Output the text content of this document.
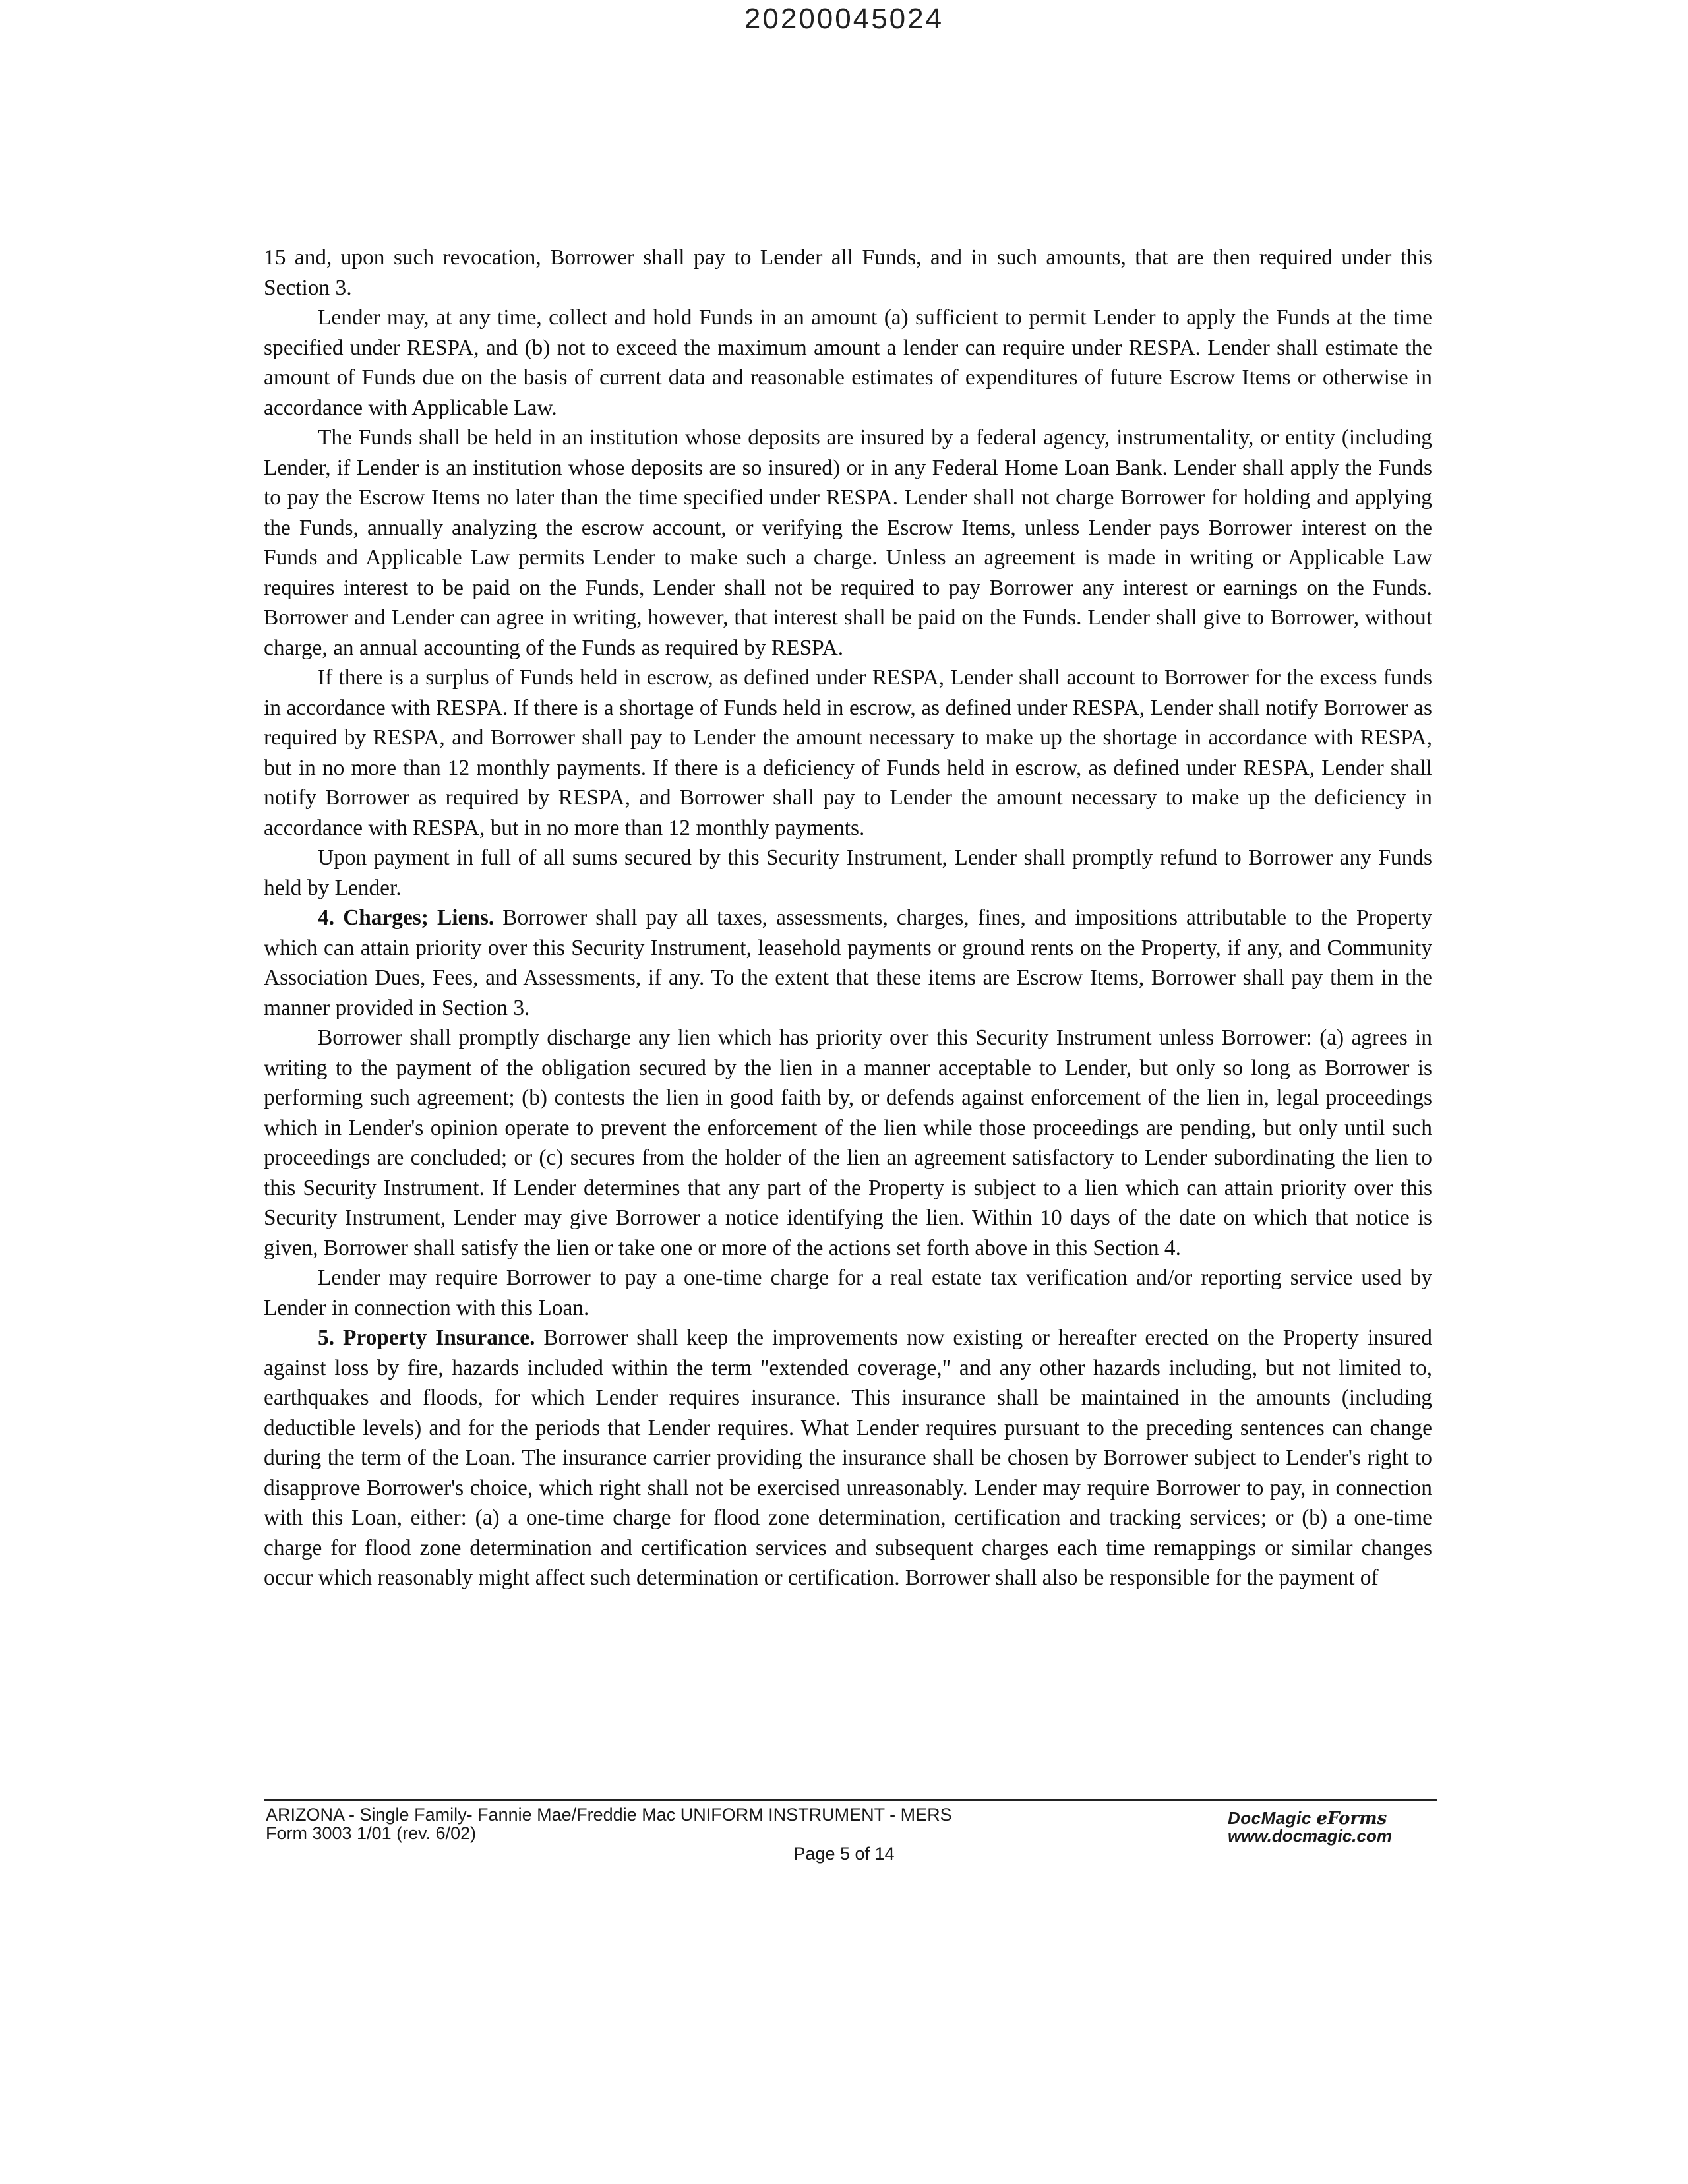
20200045024

15 and, upon such revocation, Borrower shall pay to Lender all Funds, and in such amounts, that are then required under this Section 3.

Lender may, at any time, collect and hold Funds in an amount (a) sufficient to permit Lender to apply the Funds at the time specified under RESPA, and (b) not to exceed the maximum amount a lender can require under RESPA. Lender shall estimate the amount of Funds due on the basis of current data and reasonable estimates of expenditures of future Escrow Items or otherwise in accordance with Applicable Law.

The Funds shall be held in an institution whose deposits are insured by a federal agency, instrumentality, or entity (including Lender, if Lender is an institution whose deposits are so insured) or in any Federal Home Loan Bank. Lender shall apply the Funds to pay the Escrow Items no later than the time specified under RESPA. Lender shall not charge Borrower for holding and applying the Funds, annually analyzing the escrow account, or verifying the Escrow Items, unless Lender pays Borrower interest on the Funds and Applicable Law permits Lender to make such a charge. Unless an agreement is made in writing or Applicable Law requires interest to be paid on the Funds, Lender shall not be required to pay Borrower any interest or earnings on the Funds. Borrower and Lender can agree in writing, however, that interest shall be paid on the Funds. Lender shall give to Borrower, without charge, an annual accounting of the Funds as required by RESPA.

If there is a surplus of Funds held in escrow, as defined under RESPA, Lender shall account to Borrower for the excess funds in accordance with RESPA. If there is a shortage of Funds held in escrow, as defined under RESPA, Lender shall notify Borrower as required by RESPA, and Borrower shall pay to Lender the amount necessary to make up the shortage in accordance with RESPA, but in no more than 12 monthly payments. If there is a deficiency of Funds held in escrow, as defined under RESPA, Lender shall notify Borrower as required by RESPA, and Borrower shall pay to Lender the amount necessary to make up the deficiency in accordance with RESPA, but in no more than 12 monthly payments.

Upon payment in full of all sums secured by this Security Instrument, Lender shall promptly refund to Borrower any Funds held by Lender.

4. Charges; Liens. Borrower shall pay all taxes, assessments, charges, fines, and impositions attributable to the Property which can attain priority over this Security Instrument, leasehold payments or ground rents on the Property, if any, and Community Association Dues, Fees, and Assessments, if any. To the extent that these items are Escrow Items, Borrower shall pay them in the manner provided in Section 3.

Borrower shall promptly discharge any lien which has priority over this Security Instrument unless Borrower: (a) agrees in writing to the payment of the obligation secured by the lien in a manner acceptable to Lender, but only so long as Borrower is performing such agreement; (b) contests the lien in good faith by, or defends against enforcement of the lien in, legal proceedings which in Lender's opinion operate to prevent the enforcement of the lien while those proceedings are pending, but only until such proceedings are concluded; or (c) secures from the holder of the lien an agreement satisfactory to Lender subordinating the lien to this Security Instrument. If Lender determines that any part of the Property is subject to a lien which can attain priority over this Security Instrument, Lender may give Borrower a notice identifying the lien. Within 10 days of the date on which that notice is given, Borrower shall satisfy the lien or take one or more of the actions set forth above in this Section 4.

Lender may require Borrower to pay a one-time charge for a real estate tax verification and/or reporting service used by Lender in connection with this Loan.

5. Property Insurance. Borrower shall keep the improvements now existing or hereafter erected on the Property insured against loss by fire, hazards included within the term "extended coverage," and any other hazards including, but not limited to, earthquakes and floods, for which Lender requires insurance. This insurance shall be maintained in the amounts (including deductible levels) and for the periods that Lender requires. What Lender requires pursuant to the preceding sentences can change during the term of the Loan. The insurance carrier providing the insurance shall be chosen by Borrower subject to Lender's right to disapprove Borrower's choice, which right shall not be exercised unreasonably. Lender may require Borrower to pay, in connection with this Loan, either: (a) a one-time charge for flood zone determination, certification and tracking services; or (b) a one-time charge for flood zone determination and certification services and subsequent charges each time remappings or similar changes occur which reasonably might affect such determination or certification. Borrower shall also be responsible for the payment of

ARIZONA - Single Family- Fannie Mae/Freddie Mac UNIFORM INSTRUMENT - MERS
Form 3003 1/01 (rev. 6/02)
DocMagic eForms
www.docmagic.com
Page 5 of 14
